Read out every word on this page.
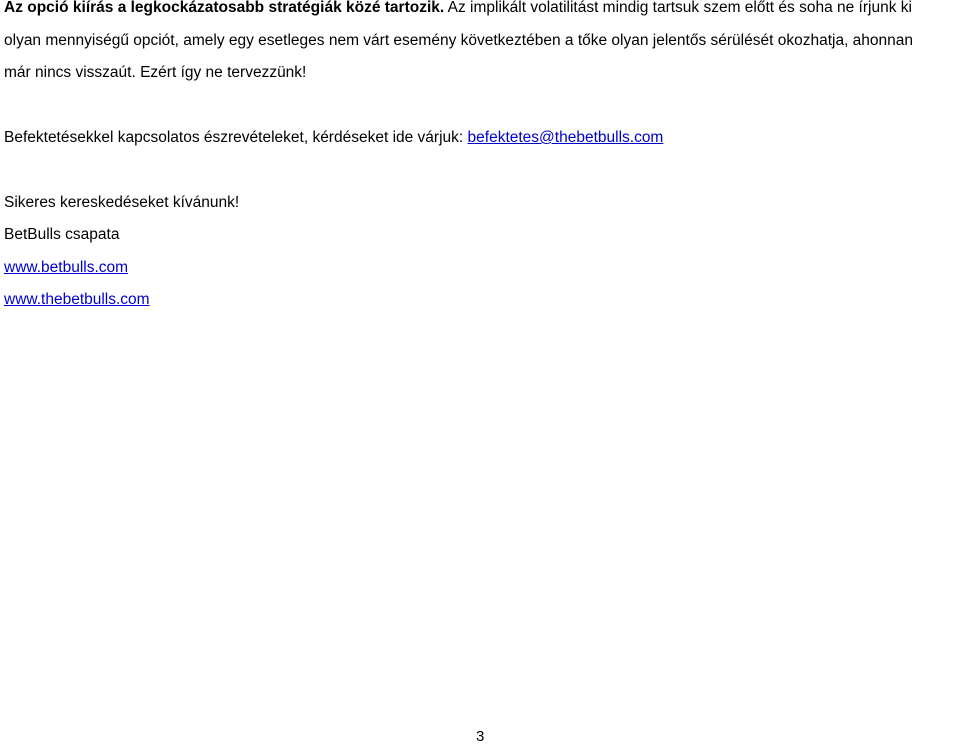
Az opció kiírás a legkockázatosabb stratégiák közé tartozik. Az implikált volatilitást mindig tartsuk szem előtt és soha ne írjunk ki
olyan mennyiségű opciót, amely egy esetleges nem várt esemény következtében a tőke olyan jelentős sérülését okozhatja, ahonnan
már nincs visszaút. Ezért így ne tervezzünk!
Befektetésekkel kapcsolatos észrevételeket, kérdéseket ide várjuk: befektetes@thebetbulls.com
Sikeres kereskedéseket kívánunk!
BetBulls csapata
www.betbulls.com
www.thebetbulls.com
3
